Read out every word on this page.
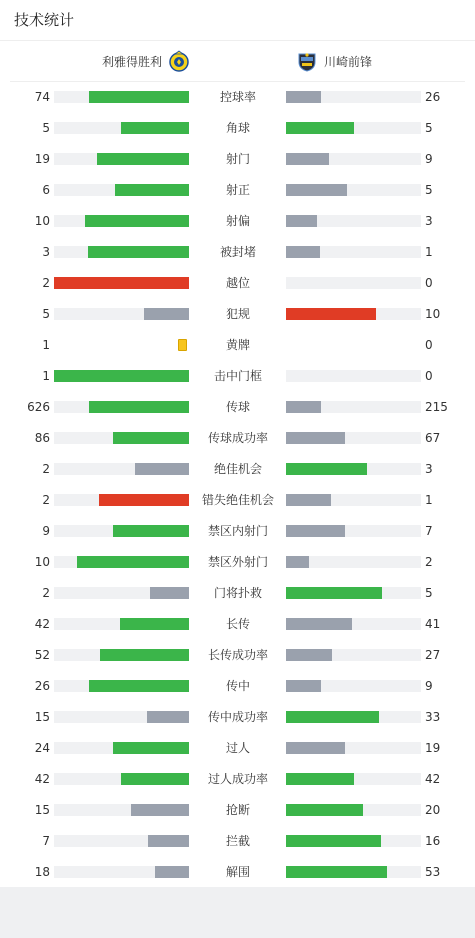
技术统计
利雅得胜利	川崎前锋
74	控球率	26
5	角球	5
19	射门	9
6	射正	5
10	射偏	3
3	被封堵	1
2	越位	0
5	犯规	10
1	黄牌	0
1	击中门框	0
626	传球	215
86	传球成功率	67
2	绝佳机会	3
2	错失绝佳机会	1
9	禁区内射门	7
10	禁区外射门	2
2	门将扑救	5
42	长传	41
52	长传成功率	27
26	传中	9
15	传中成功率	33
24	过人	19
42	过人成功率	42
15	抢断	20
7	拦截	16
18	解围	53
